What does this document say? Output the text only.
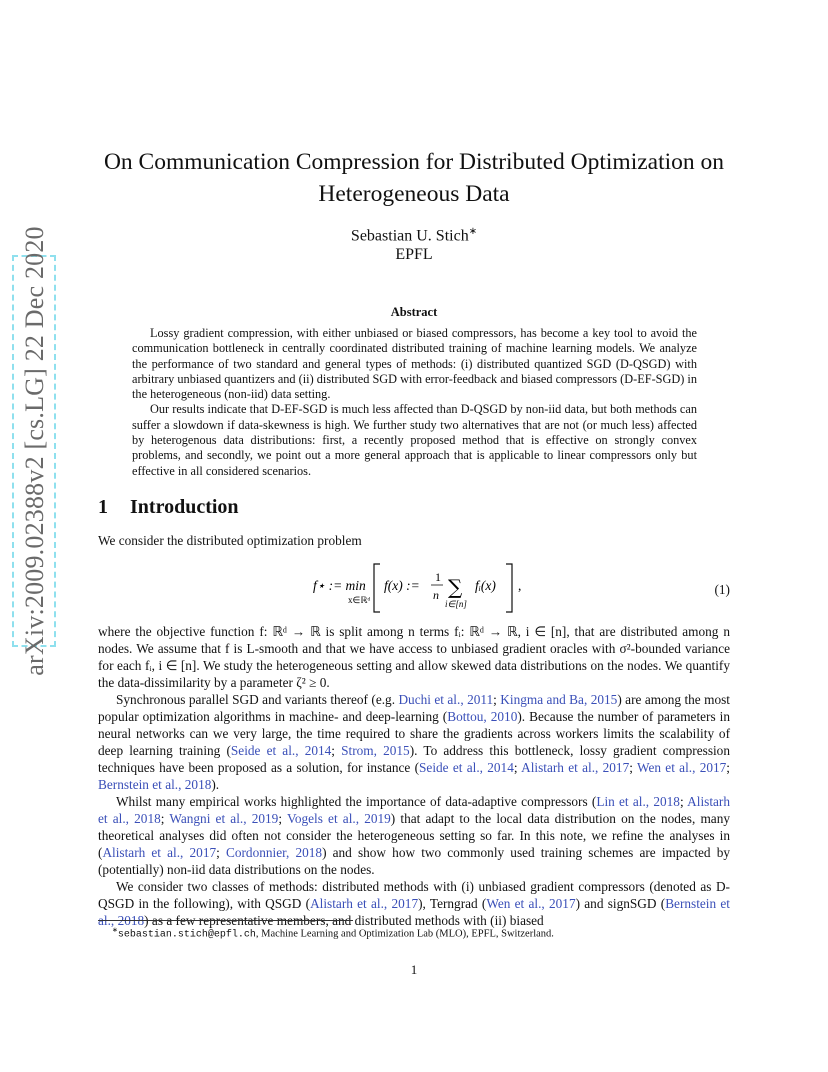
arXiv:2009.02388v2 [cs.LG] 22 Dec 2020
On Communication Compression for Distributed Optimization on Heterogeneous Data
Sebastian U. Stich∗
EPFL
Abstract

Lossy gradient compression, with either unbiased or biased compressors, has become a key tool to avoid the communication bottleneck in centrally coordinated distributed training of machine learning models. We analyze the performance of two standard and general types of methods: (i) distributed quantized SGD (D-QSGD) with arbitrary unbiased quantizers and (ii) distributed SGD with error-feedback and biased compressors (D-EF-SGD) in the heterogeneous (non-iid) data setting.

Our results indicate that D-EF-SGD is much less affected than D-QSGD by non-iid data, but both methods can suffer a slowdown if data-skewness is high. We further study two alternatives that are not (or much less) affected by heterogenous data distributions: first, a recently proposed method that is effective on strongly convex problems, and secondly, we point out a more general approach that is applicable to linear compressors only but effective in all considered scenarios.

1 Introduction

We consider the distributed optimization problem

f⋆ := min
x∈ℝᵈ
f(x) :=
1
n ∑
i∈[n]
fᵢ(x) ,	(1)

where the objective function f: ℝᵈ → ℝ is split among n terms fᵢ: ℝᵈ → ℝ, i ∈ [n], that are distributed among n nodes. We assume that f is L-smooth and that we have access to unbiased gradient oracles with σ²-bounded variance for each fᵢ, i ∈ [n]. We study the heterogeneous setting and allow skewed data distributions on the nodes. We quantify the data-dissimilarity by a parameter ζ² ≥ 0.

Synchronous parallel SGD and variants thereof (e.g. Duchi et al., 2011; Kingma and Ba, 2015) are among the most popular optimization algorithms in machine- and deep-learning (Bottou, 2010). Because the number of parameters in neural networks can we very large, the time required to share the gradients across workers limits the scalability of deep learning training (Seide et al., 2014; Strom, 2015). To address this bottleneck, lossy gradient compression techniques have been proposed as a solution, for instance (Seide et al., 2014; Alistarh et al., 2017; Wen et al., 2017; Bernstein et al., 2018).

Whilst many empirical works highlighted the importance of data-adaptive compressors (Lin et al., 2018; Alistarh et al., 2018; Wangni et al., 2019; Vogels et al., 2019) that adapt to the local data distribution on the nodes, many theoretical analyses did often not consider the heterogeneous setting so far. In this note, we refine the analyses in (Alistarh et al., 2017; Cordonnier, 2018) and show how two commonly used training schemes are impacted by (potentially) non-iid data distributions on the nodes.

We consider two classes of methods: distributed methods with (i) unbiased gradient compressors (denoted as D-QSGD in the following), with QSGD (Alistarh et al., 2017), Terngrad (Wen et al., 2017) and signSGD (Bernstein et al., 2018) as a few representative members, and distributed methods with (ii) biased

∗sebastian.stich@epfl.ch, Machine Learning and Optimization Lab (MLO), EPFL, Switzerland.
1
